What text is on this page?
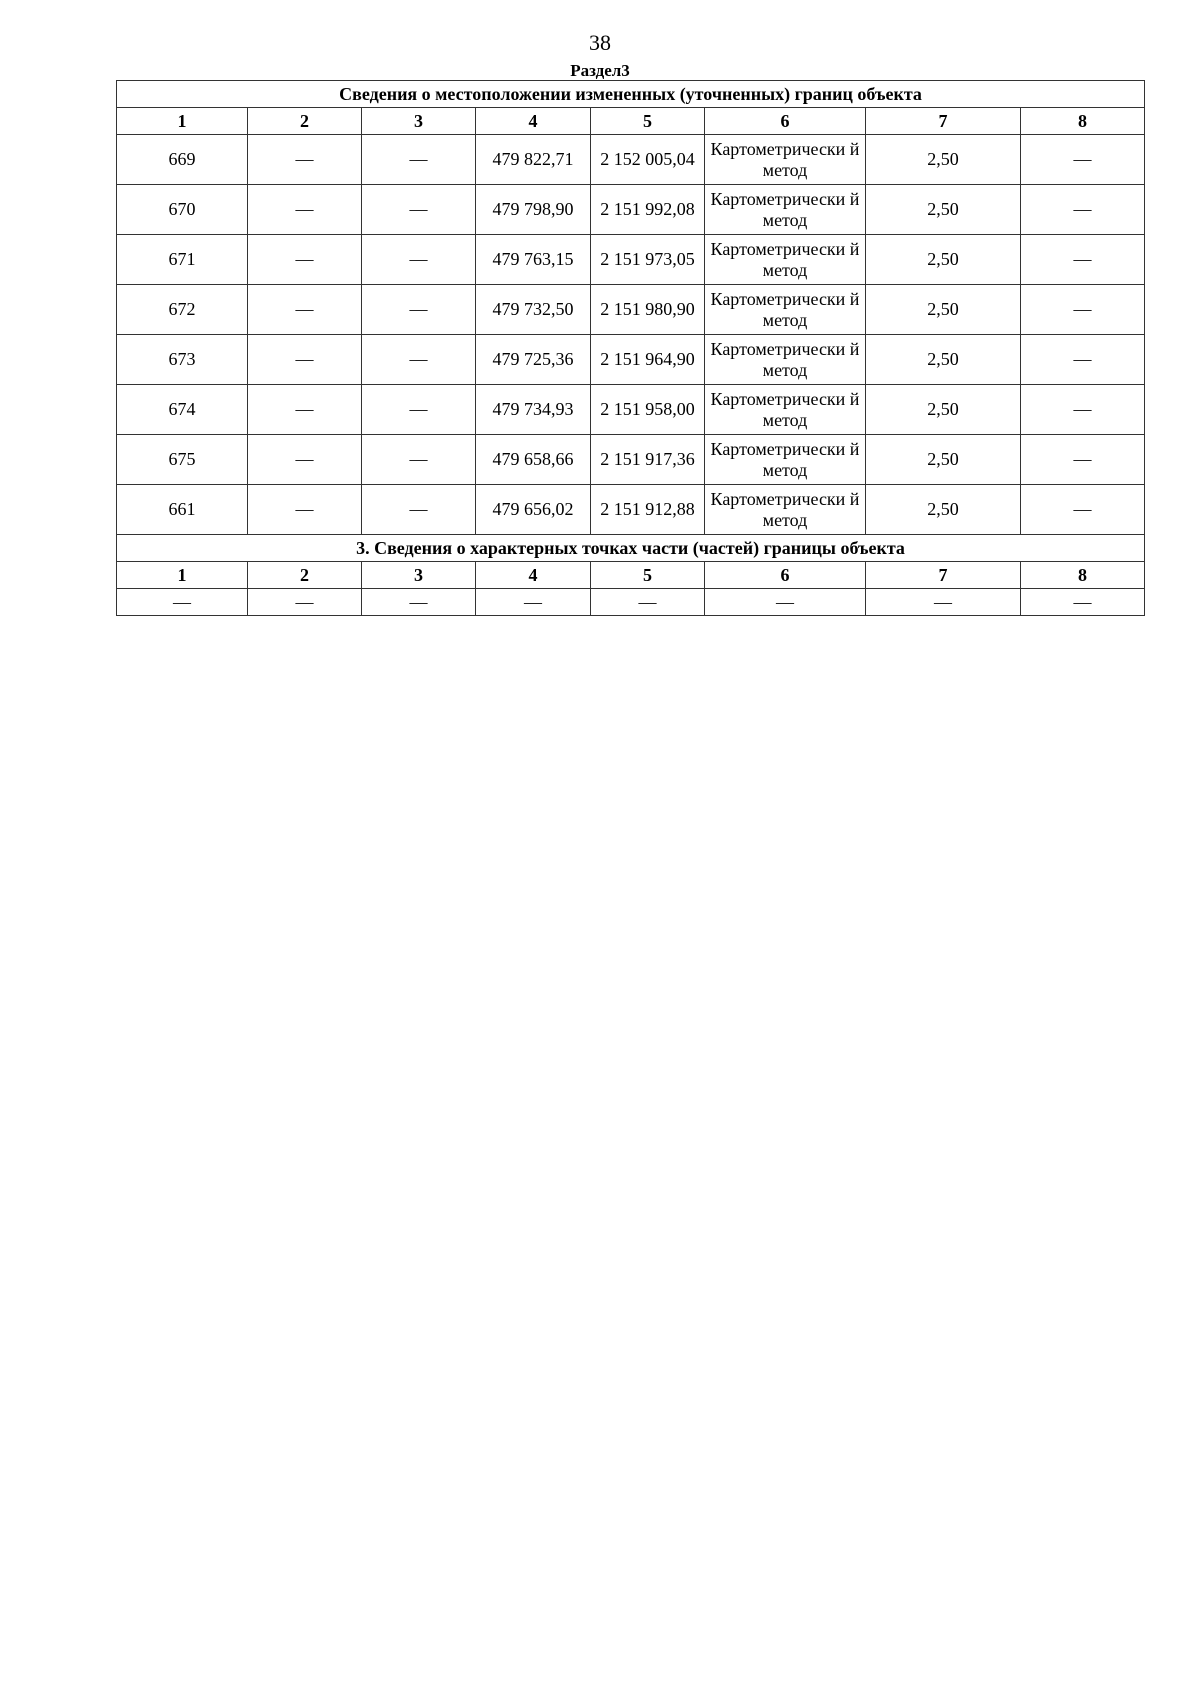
38
Раздел3
Сведения о местоположении измененных (уточненных) границ объекта							
1	2	3	4	5	6	7	8
669	—	—	479 822,71	2 152 005,04	Картометрически й метод	2,50	—
670	—	—	479 798,90	2 151 992,08	Картометрически й метод	2,50	—
671	—	—	479 763,15	2 151 973,05	Картометрически й метод	2,50	—
672	—	—	479 732,50	2 151 980,90	Картометрически й метод	2,50	—
673	—	—	479 725,36	2 151 964,90	Картометрически й метод	2,50	—
674	—	—	479 734,93	2 151 958,00	Картометрически й метод	2,50	—
675	—	—	479 658,66	2 151 917,36	Картометрически й метод	2,50	—
661	—	—	479 656,02	2 151 912,88	Картометрически й метод	2,50	—
3. Сведения о характерных точках части (частей) границы объекта							
1	2	3	4	5	6	7	8
—	—	—	—	—	—	—	—
